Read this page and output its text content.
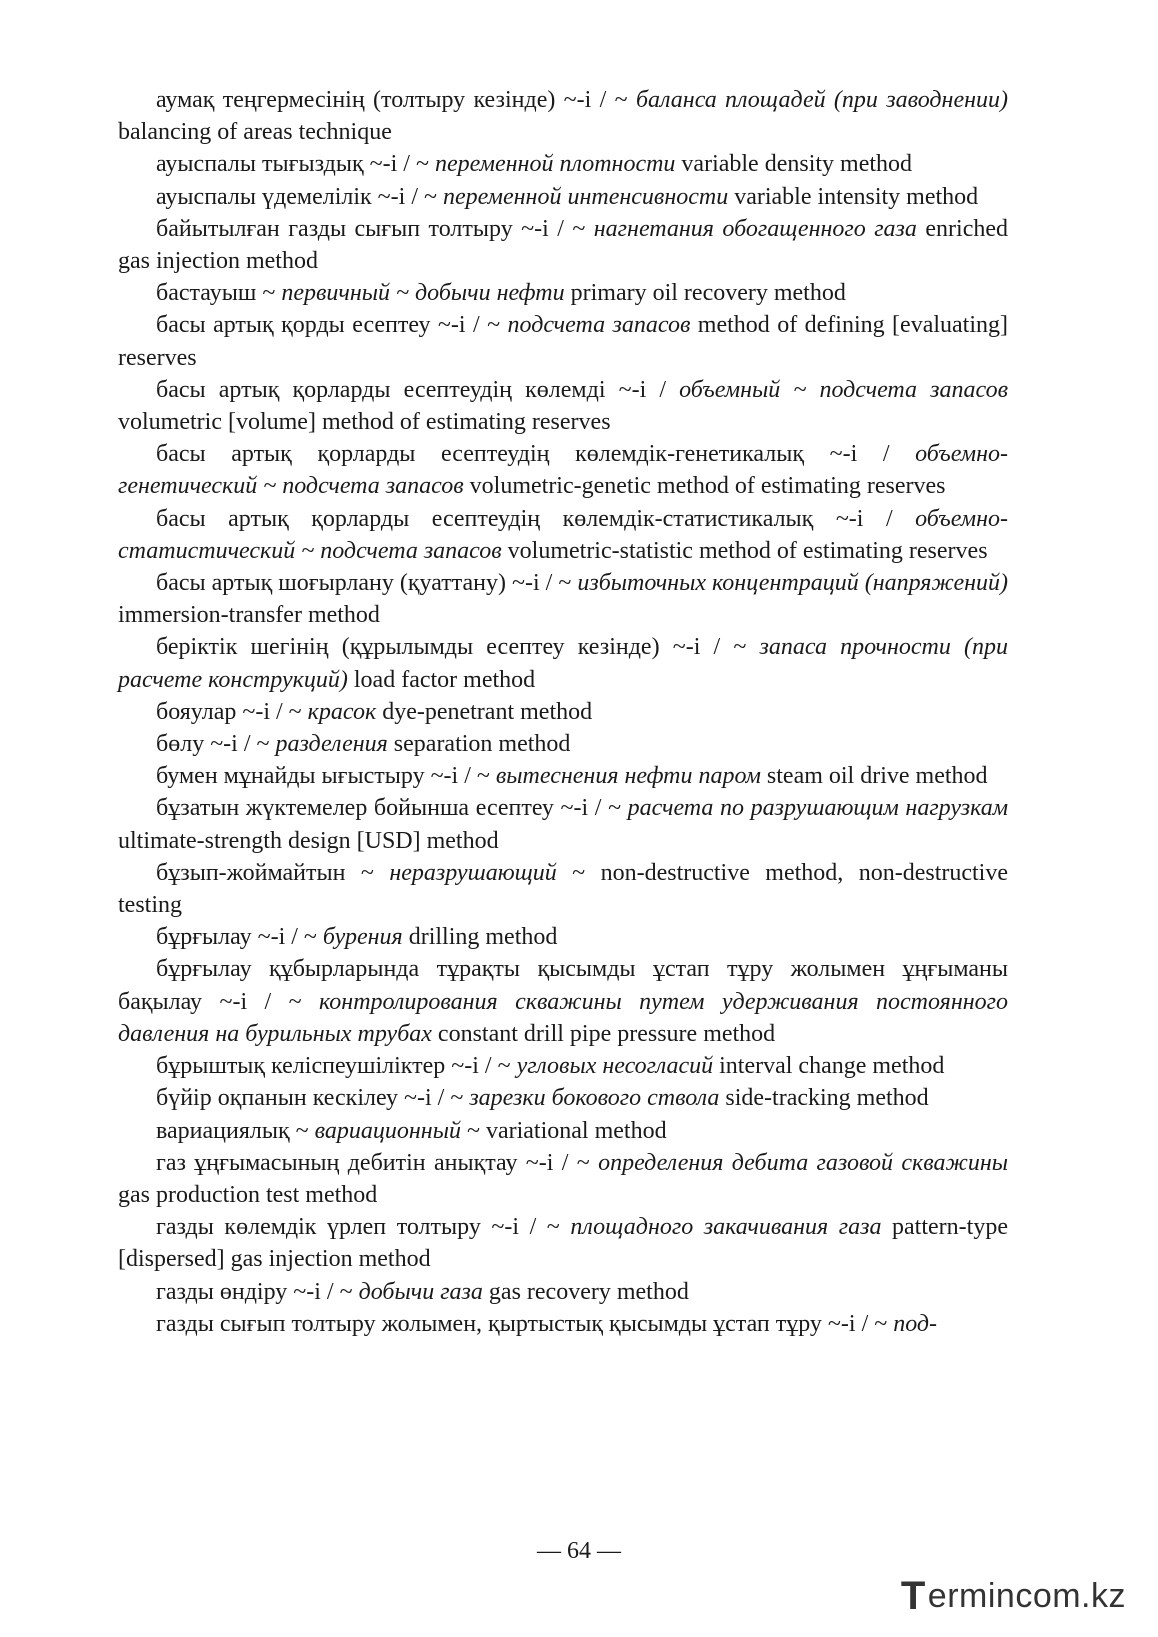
аумақ теңгермесінің (толтыру кезінде) ~-і / ~ баланса площадей (при заводнении) balancing of areas technique

ауыспалы тығыздық ~-і / ~ переменной плотности variable density method

ауыспалы үдемелілік ~-і / ~ переменной интенсивности variable intensity method

байытылған газды сығып толтыру ~-і / ~ нагнетания обогащенного газа enriched gas injection method

бастауыш ~ первичный ~ добычи нефти primary oil recovery method

басы артық қорды есептеу ~-і / ~ подсчета запасов method of defining [evaluating] reserves

басы артық қорларды есептеудің көлемді ~-і / объемный ~ подсчета запасов volumetric [volume] method of estimating reserves

басы артық қорларды есептеудің көлемдік-генетикалық ~-і / объемно-генетический ~ подсчета запасов volumetric-genetic method of estimating reserves

басы артық қорларды есептеудің көлемдік-статистикалық ~-і / объемно-статистический ~ подсчета запасов volumetric-statistic method of estimating reserves

басы артық шоғырлану (қуаттану) ~-і / ~ избыточных концентраций (напряжений) immersion-transfer method

беріктік шегінің (құрылымды есептеу кезінде) ~-і / ~ запаса прочности (при расчете конструкций) load factor method

бояулар ~-і / ~ красок dye-penetrant method

бөлу ~-і / ~ разделения separation method

бумен мұнайды ығыстыру ~-і / ~ вытеснения нефти паром steam oil drive method

бұзатын жүктемелер бойынша есептеу ~-і / ~ расчета по разрушающим нагрузкам ultimate-strength design [USD] method

бұзып-жоймайтын ~ неразрушающий ~ non-destructive method, non-destructive testing

бұрғылау ~-і / ~ бурения drilling method

бұрғылау құбырларында тұрақты қысымды ұстап тұру жолымен ұңғыманы бақылау ~-і / ~ контролирования скважины путем удерживания постоянного давления на бурильных трубах constant drill pipe pressure method

бұрыштық келіспеушіліктер ~-і / ~ угловых несогласий interval change method

бүйір оқпанын кескілеу ~-і / ~ зарезки бокового ствола side-tracking method

вариациялық ~ вариационный ~ variational method

газ ұңғымасының дебитін анықтау ~-і / ~ определения дебита газовой скважины gas production test method

газды көлемдік үрлеп толтыру ~-і / ~ площадного закачивания газа pattern-type [dispersed] gas injection method

газды өндіру ~-і / ~ добычи газа gas recovery method

газды сығып толтыру жолымен, қыртыстық қысымды ұстап тұру ~-і / ~ под-

― 64 ―
T ermincom.kz
